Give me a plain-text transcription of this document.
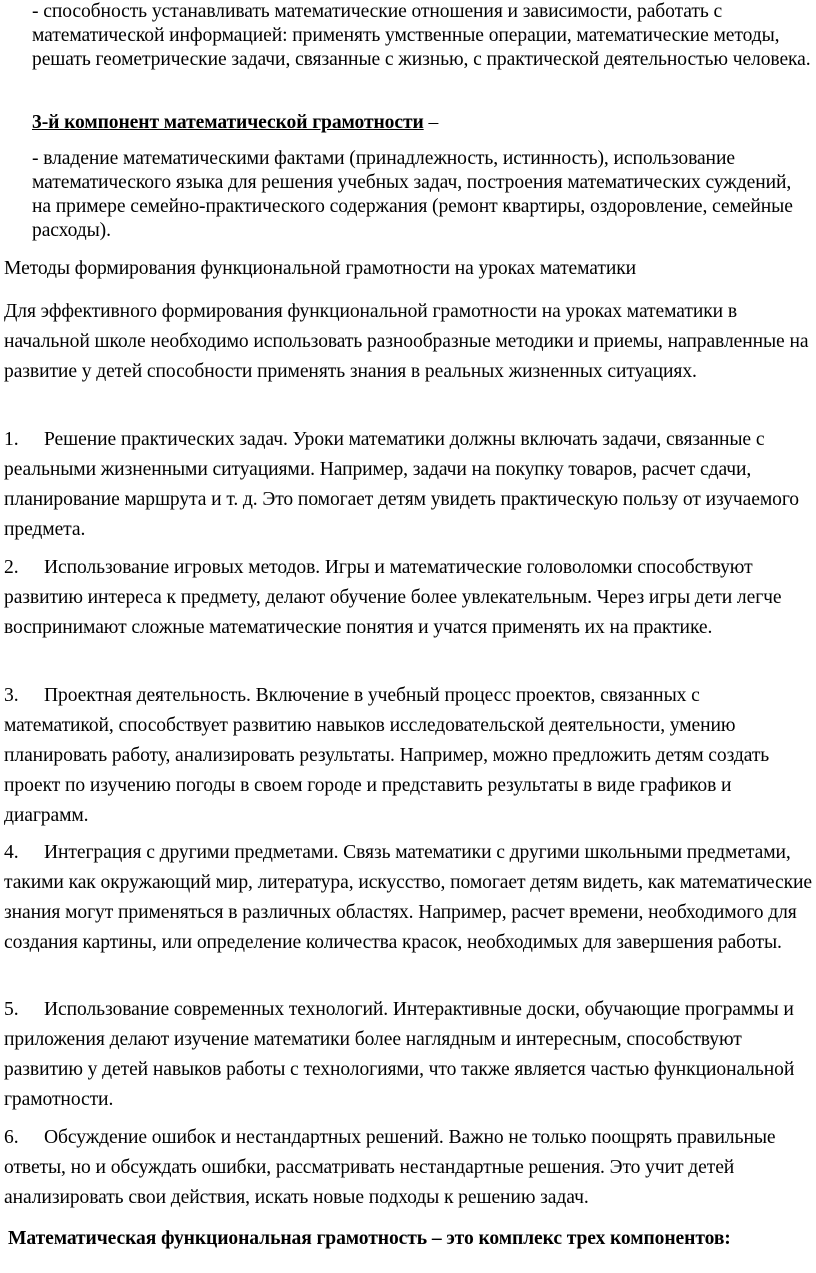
- способность устанавливать математические отношения и зависимости, работать с математической информацией: применять умственные операции, математические методы, решать геометрические задачи, связанные с жизнью, с практической деятельностью человека.
3-й компонент математической грамотности –
- владение математическими фактами (принадлежность, истинность), использование математического языка для решения учебных задач, построения математических суждений, на примере семейно-практического содержания (ремонт квартиры, оздоровление, семейные расходы).
Методы формирования функциональной грамотности на уроках математики
Для эффективного формирования функциональной грамотности на уроках математики в начальной школе необходимо использовать разнообразные методики и приемы, направленные на развитие у детей способности применять знания в реальных жизненных ситуациях.
1. Решение практических задач. Уроки математики должны включать задачи, связанные с реальными жизненными ситуациями. Например, задачи на покупку товаров, расчет сдачи, планирование маршрута и т. д. Это помогает детям увидеть практическую пользу от изучаемого предмета.
2. Использование игровых методов. Игры и математические головоломки способствуют развитию интереса к предмету, делают обучение более увлекательным. Через игры дети легче воспринимают сложные математические понятия и учатся применять их на практике.
3. Проектная деятельность. Включение в учебный процесс проектов, связанных с математикой, способствует развитию навыков исследовательской деятельности, умению планировать работу, анализировать результаты. Например, можно предложить детям создать проект по изучению погоды в своем городе и представить результаты в виде графиков и диаграмм.
4. Интеграция с другими предметами. Связь математики с другими школьными предметами, такими как окружающий мир, литература, искусство, помогает детям видеть, как математические знания могут применяться в различных областях. Например, расчет времени, необходимого для создания картины, или определение количества красок, необходимых для завершения работы.
5. Использование современных технологий. Интерактивные доски, обучающие программы и приложения делают изучение математики более наглядным и интересным, способствуют развитию у детей навыков работы с технологиями, что также является частью функциональной грамотности.
6. Обсуждение ошибок и нестандартных решений. Важно не только поощрять правильные ответы, но и обсуждать ошибки, рассматривать нестандартные решения. Это учит детей анализировать свои действия, искать новые подходы к решению задач.
Математическая функциональная грамотность – это комплекс трех компонентов:
